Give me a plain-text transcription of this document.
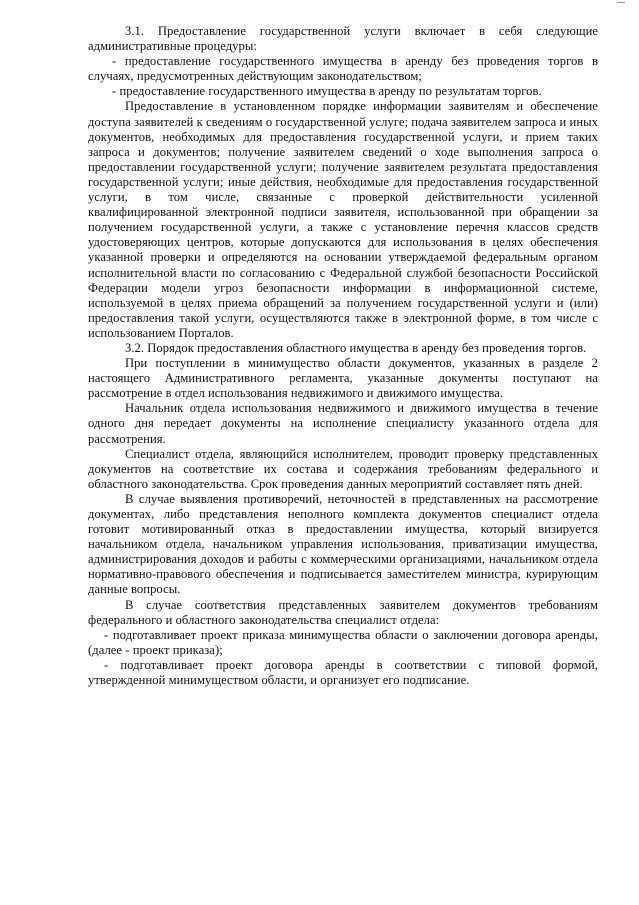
3.1. Предоставление государственной услуги включает в себя следующие административные процедуры:

- предоставление государственного имущества в аренду без проведения торгов в случаях, предусмотренных действующим законодательством;

- предоставление государственного имущества в аренду по результатам торгов.

Предоставление в установленном порядке информации заявителям и обеспечение доступа заявителей к сведениям о государственной услуге; подача заявителем запроса и иных документов, необходимых для предоставления государственной услуги, и прием таких запроса и документов; получение заявителем сведений о ходе выполнения запроса о предоставлении государственной услуги; получение заявителем результата предоставления государственной услуги; иные действия, необходимые для предоставления государственной услуги, в том числе, связанные с проверкой действительности усиленной квалифицированной электронной подписи заявителя, использованной при обращении за получением государственной услуги, а также с установление перечня классов средств удостоверяющих центров, которые допускаются для использования в целях обеспечения указанной проверки и определяются на основании утверждаемой федеральным органом исполнительной власти по согласованию с Федеральной службой безопасности Российской Федерации модели угроз безопасности информации в информационной системе, используемой в целях приема обращений за получением государственной услуги и (или) предоставления такой услуги, осуществляются также в электронной форме, в том числе с использованием Порталов.

3.2. Порядок предоставления областного имущества в аренду без проведения торгов.

При поступлении в минимущество области документов, указанных в разделе 2 настоящего Административного регламента, указанные документы поступают на рассмотрение в отдел использования недвижимого и движимого имущества.

Начальник отдела использования недвижимого и движимого имущества в течение одного дня передает документы на исполнение специалисту указанного отдела для рассмотрения.

Специалист отдела, являющийся исполнителем, проводит проверку представленных документов на соответствие их состава и содержания требованиям федерального и областного законодательства. Срок проведения данных мероприятий составляет пять дней.

В случае выявления противоречий, неточностей в представленных на рассмотрение документах, либо представления неполного комплекта документов специалист отдела готовит мотивированный отказ в предоставлении имущества, который визируется начальником отдела, начальником управления использования, приватизации имущества, администрирования доходов и работы с коммерческими организациями, начальником отдела нормативно-правового обеспечения и подписывается заместителем министра, курирующим данные вопросы.

В случае соответствия представленных заявителем документов требованиям федерального и областного законодательства специалист отдела:

- подготавливает проект приказа минимущества области о заключении договора аренды, (далее - проект приказа);

- подготавливает проект договора аренды в соответствии с типовой формой, утвержденной минимуществом области, и организует его подписание.
